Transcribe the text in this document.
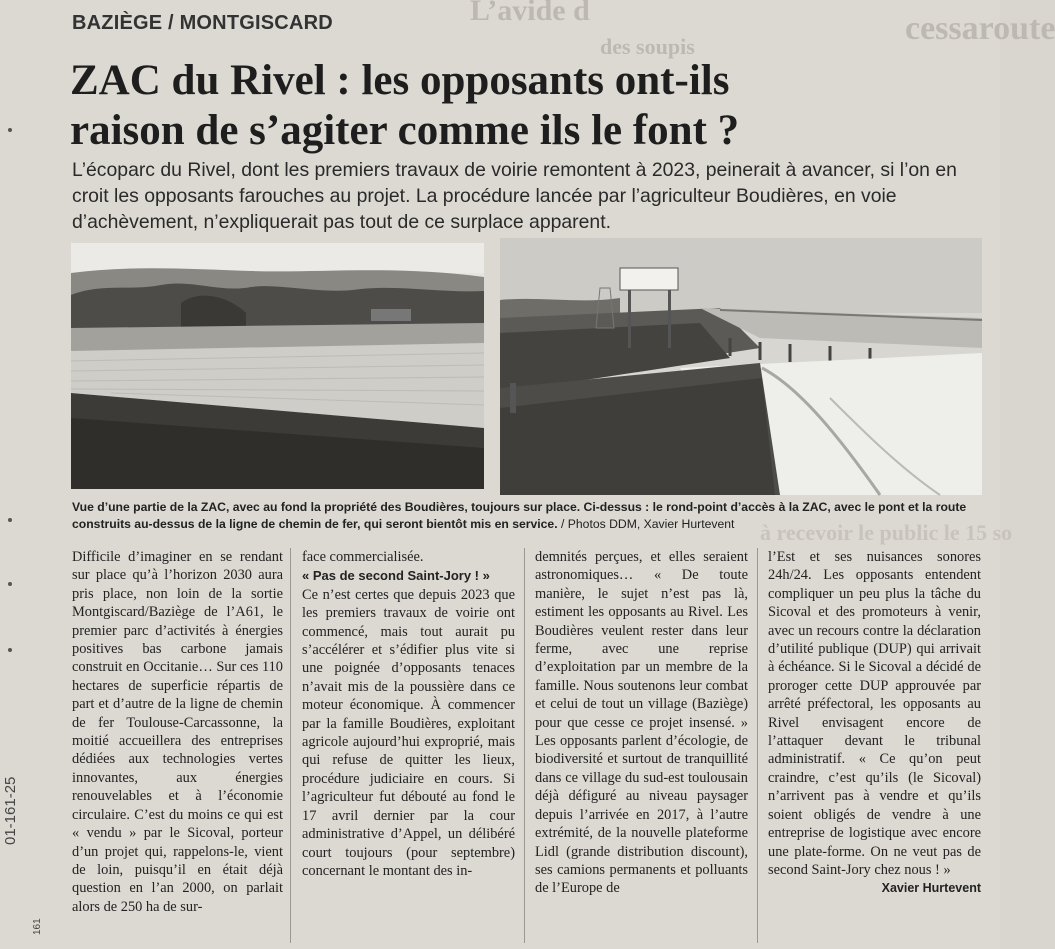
L’avide d
des soupis	cessaroute
à recevoir le public le 15 so
BAZIÈGE / MONTGISCARD
ZAC du Rivel : les opposants ont-ils
raison de s’agiter comme ils le font ?

L’écoparc du Rivel, dont les premiers travaux de voirie remontent à 2023, peinerait à avancer, si l’on en croit les opposants farouches au projet. La procédure lancée par l’agriculteur Boudières, en voie d’achèvement, n’expliquerait pas tout de ce surplace apparent.

Vue d’une partie de la ZAC, avec au fond la propriété des Boudières, toujours sur place. Ci-dessus : le rond-point d’accès à la ZAC, avec le pont et la route construits au-dessus de la ligne de chemin de fer, qui seront bientôt mis en service. / Photos DDM, Xavier Hurtevent

Difficile d’imaginer en se rendant sur place qu’à l’horizon 2030 aura pris place, non loin de la sortie Montgiscard/Baziège de l’A61, le premier parc d’activités à énergies positives bas carbone jamais construit en Occitanie… Sur ces 110 hectares de superficie répartis de part et d’autre de la ligne de chemin de fer Toulouse-Carcassonne, la moitié accueillera des entreprises dédiées aux technologies vertes innovantes, aux énergies renouvelables et à l’économie circulaire. C’est du moins ce qui est « vendu » par le Sicoval, porteur d’un projet qui, rappelons-le, vient de loin, puisqu’il en était déjà question en l’an 2000, on parlait alors de 250 ha de sur-

face commercialisée.

« Pas de second Saint-Jory ! »

Ce n’est certes que depuis 2023 que les premiers travaux de voirie ont commencé, mais tout aurait pu s’accélérer et s’édifier plus vite si une poignée d’opposants tenaces n’avait mis de la poussière dans ce moteur économique. À commencer par la famille Boudières, exploitant agricole aujourd’hui exproprié, mais qui refuse de quitter les lieux, procédure judiciaire en cours. Si l’agriculteur fut débouté au fond le 17 avril dernier par la cour administrative d’Appel, un délibéré court toujours (pour septembre) concernant le montant des in-

demnités perçues, et elles seraient astronomiques… « De toute manière, le sujet n’est pas là, estiment les opposants au Rivel. Les Boudières veulent rester dans leur ferme, avec une reprise d’exploitation par un membre de la famille. Nous soutenons leur combat et celui de tout un village (Baziège) pour que cesse ce projet insensé. » Les opposants parlent d’écologie, de biodiversité et surtout de tranquillité dans ce village du sud-est toulousain déjà défiguré au niveau paysager depuis l’arrivée en 2017, à l’autre extrémité, de la nouvelle plateforme Lidl (grande distribution discount), ses camions permanents et polluants de l’Europe de

l’Est et ses nuisances sonores 24h/24. Les opposants entendent compliquer un peu plus la tâche du Sicoval et des promoteurs à venir, avec un recours contre la déclaration d’utilité publique (DUP) qui arrivait à échéance. Si le Sicoval a décidé de proroger cette DUP approuvée par arrêté préfectoral, les opposants au Rivel envisagent encore de l’attaquer devant le tribunal administratif. « Ce qu’on peut craindre, c’est qu’ils (le Sicoval) n’arrivent pas à vendre et qu’ils soient obligés de vendre à une entreprise de logistique avec encore une plate-forme. On ne veut pas de second Saint-Jory chez nous ! »

Xavier Hurtevent

01-161-25
161
